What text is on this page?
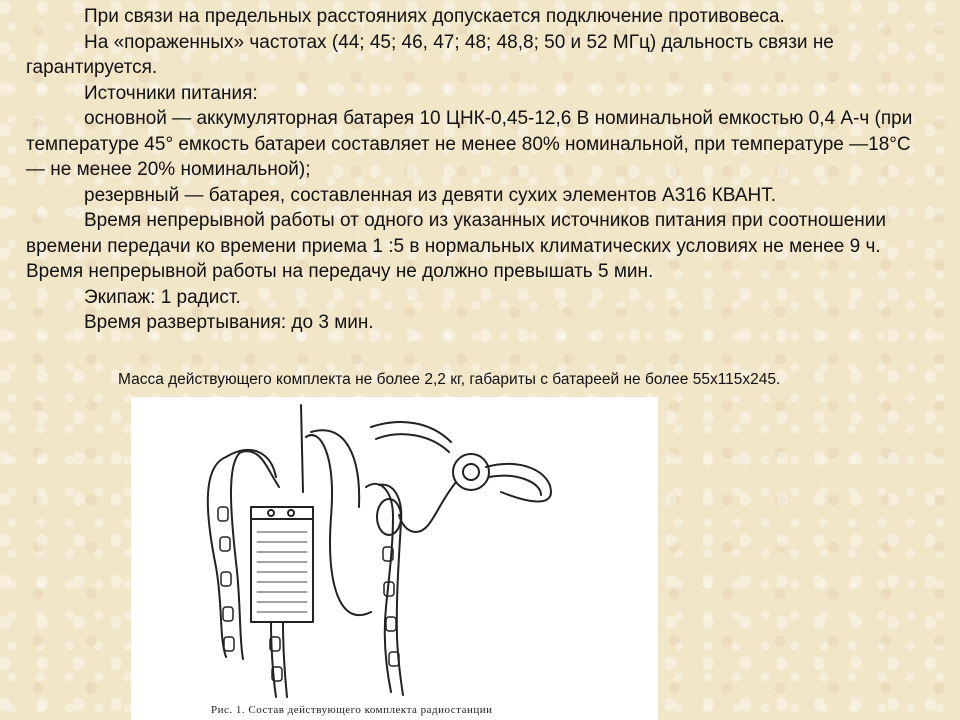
При связи на предельных расстояниях допускается подключение противовеса.

На «пораженных» частотах (44; 45; 46, 47; 48; 48,8; 50 и 52 МГц) дальность связи не гарантируется.

Источники питания:

основной — аккумуляторная батарея 10 ЦНК-0,45-12,6 В номинальной емкостью 0,4 А-ч (при температуре 45° емкость батареи составляет не менее 80% номинальной, при температуре —18°С — не менее 20% номинальной);

резервный — батарея, составленная из девяти сухих элементов А316 КВАНТ.

Время непрерывной работы от одного из указанных источников питания при соотношении времени передачи ко времени приема 1 :5 в нормальных климатических условиях не менее 9 ч. Время непрерывной работы на передачу не должно превышать 5 мин.

Экипаж: 1 радист.

Время развертывания: до 3 мин.

Масса действующего комплекта не более 2,2 кг, габариты с батареей не более 55х115х245.
Рис. 1. Состав действующего комплекта радиостанции
